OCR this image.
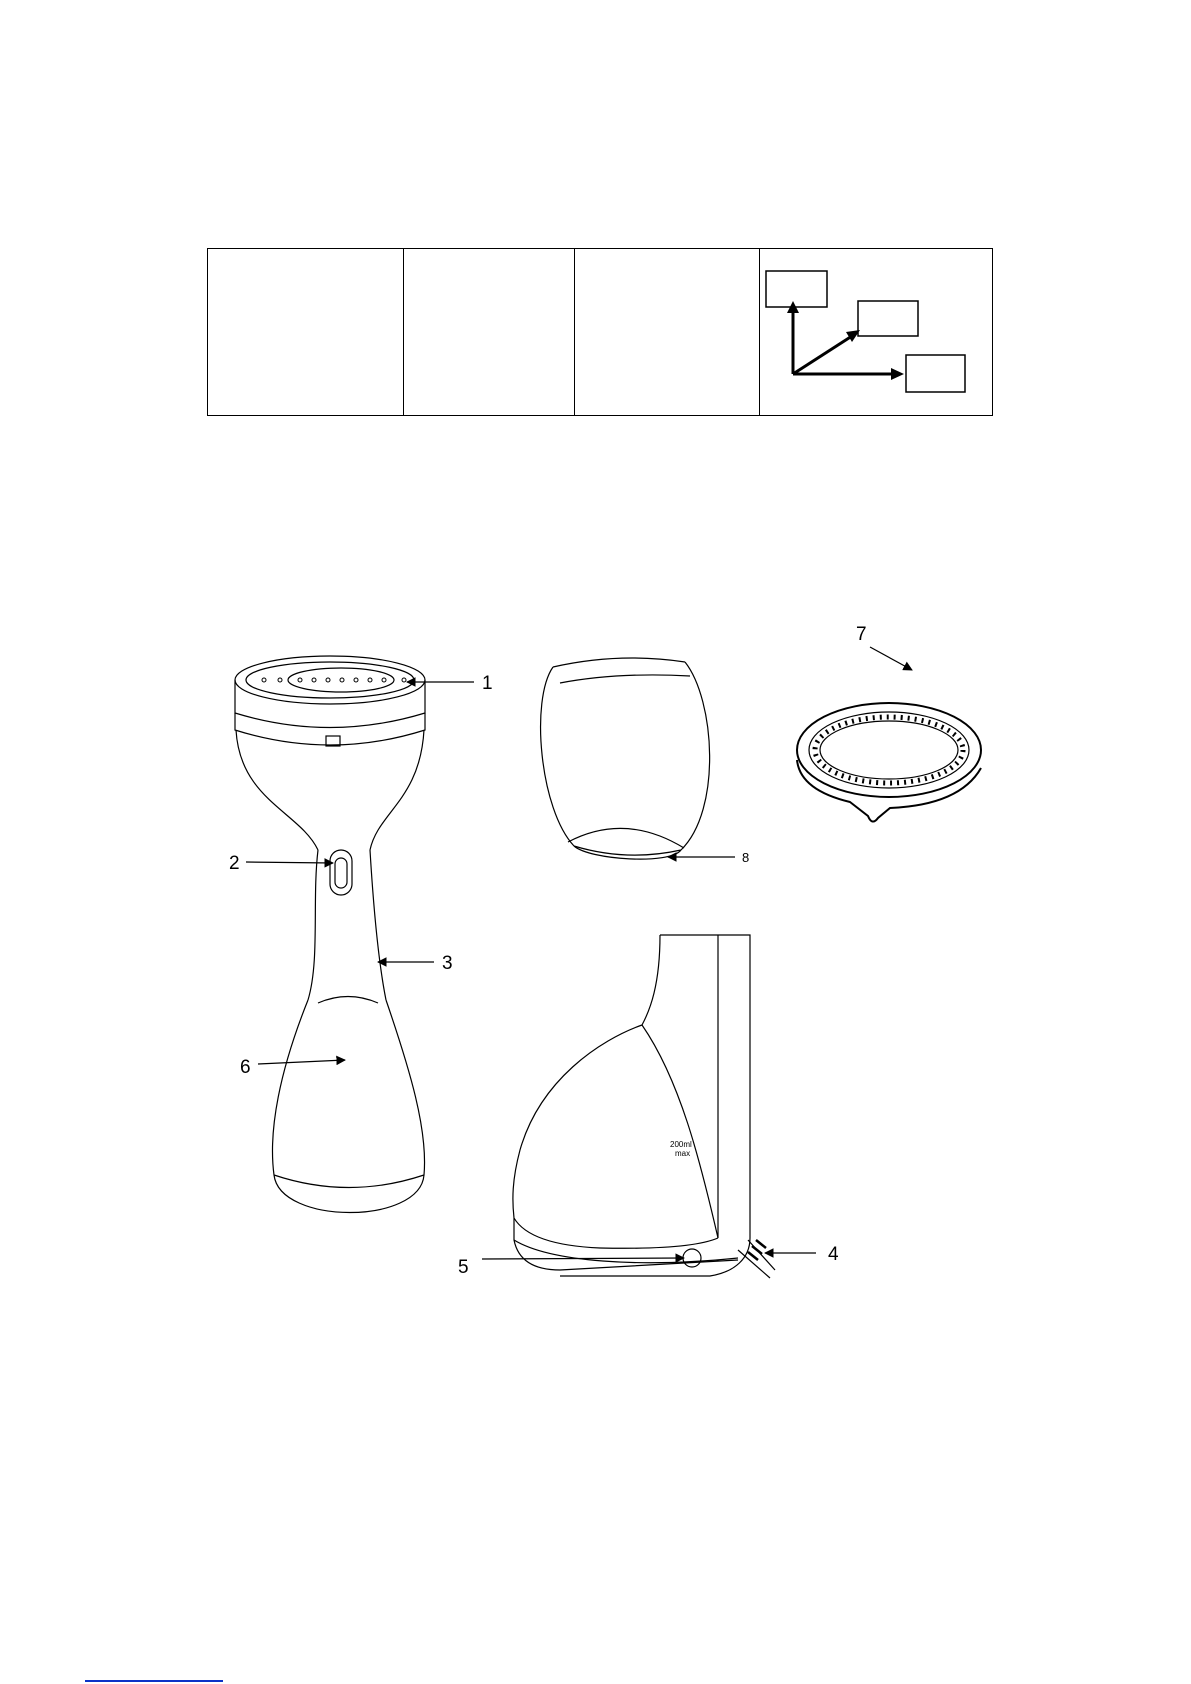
200ml
max
1
2
3
4
5
6
7
8
